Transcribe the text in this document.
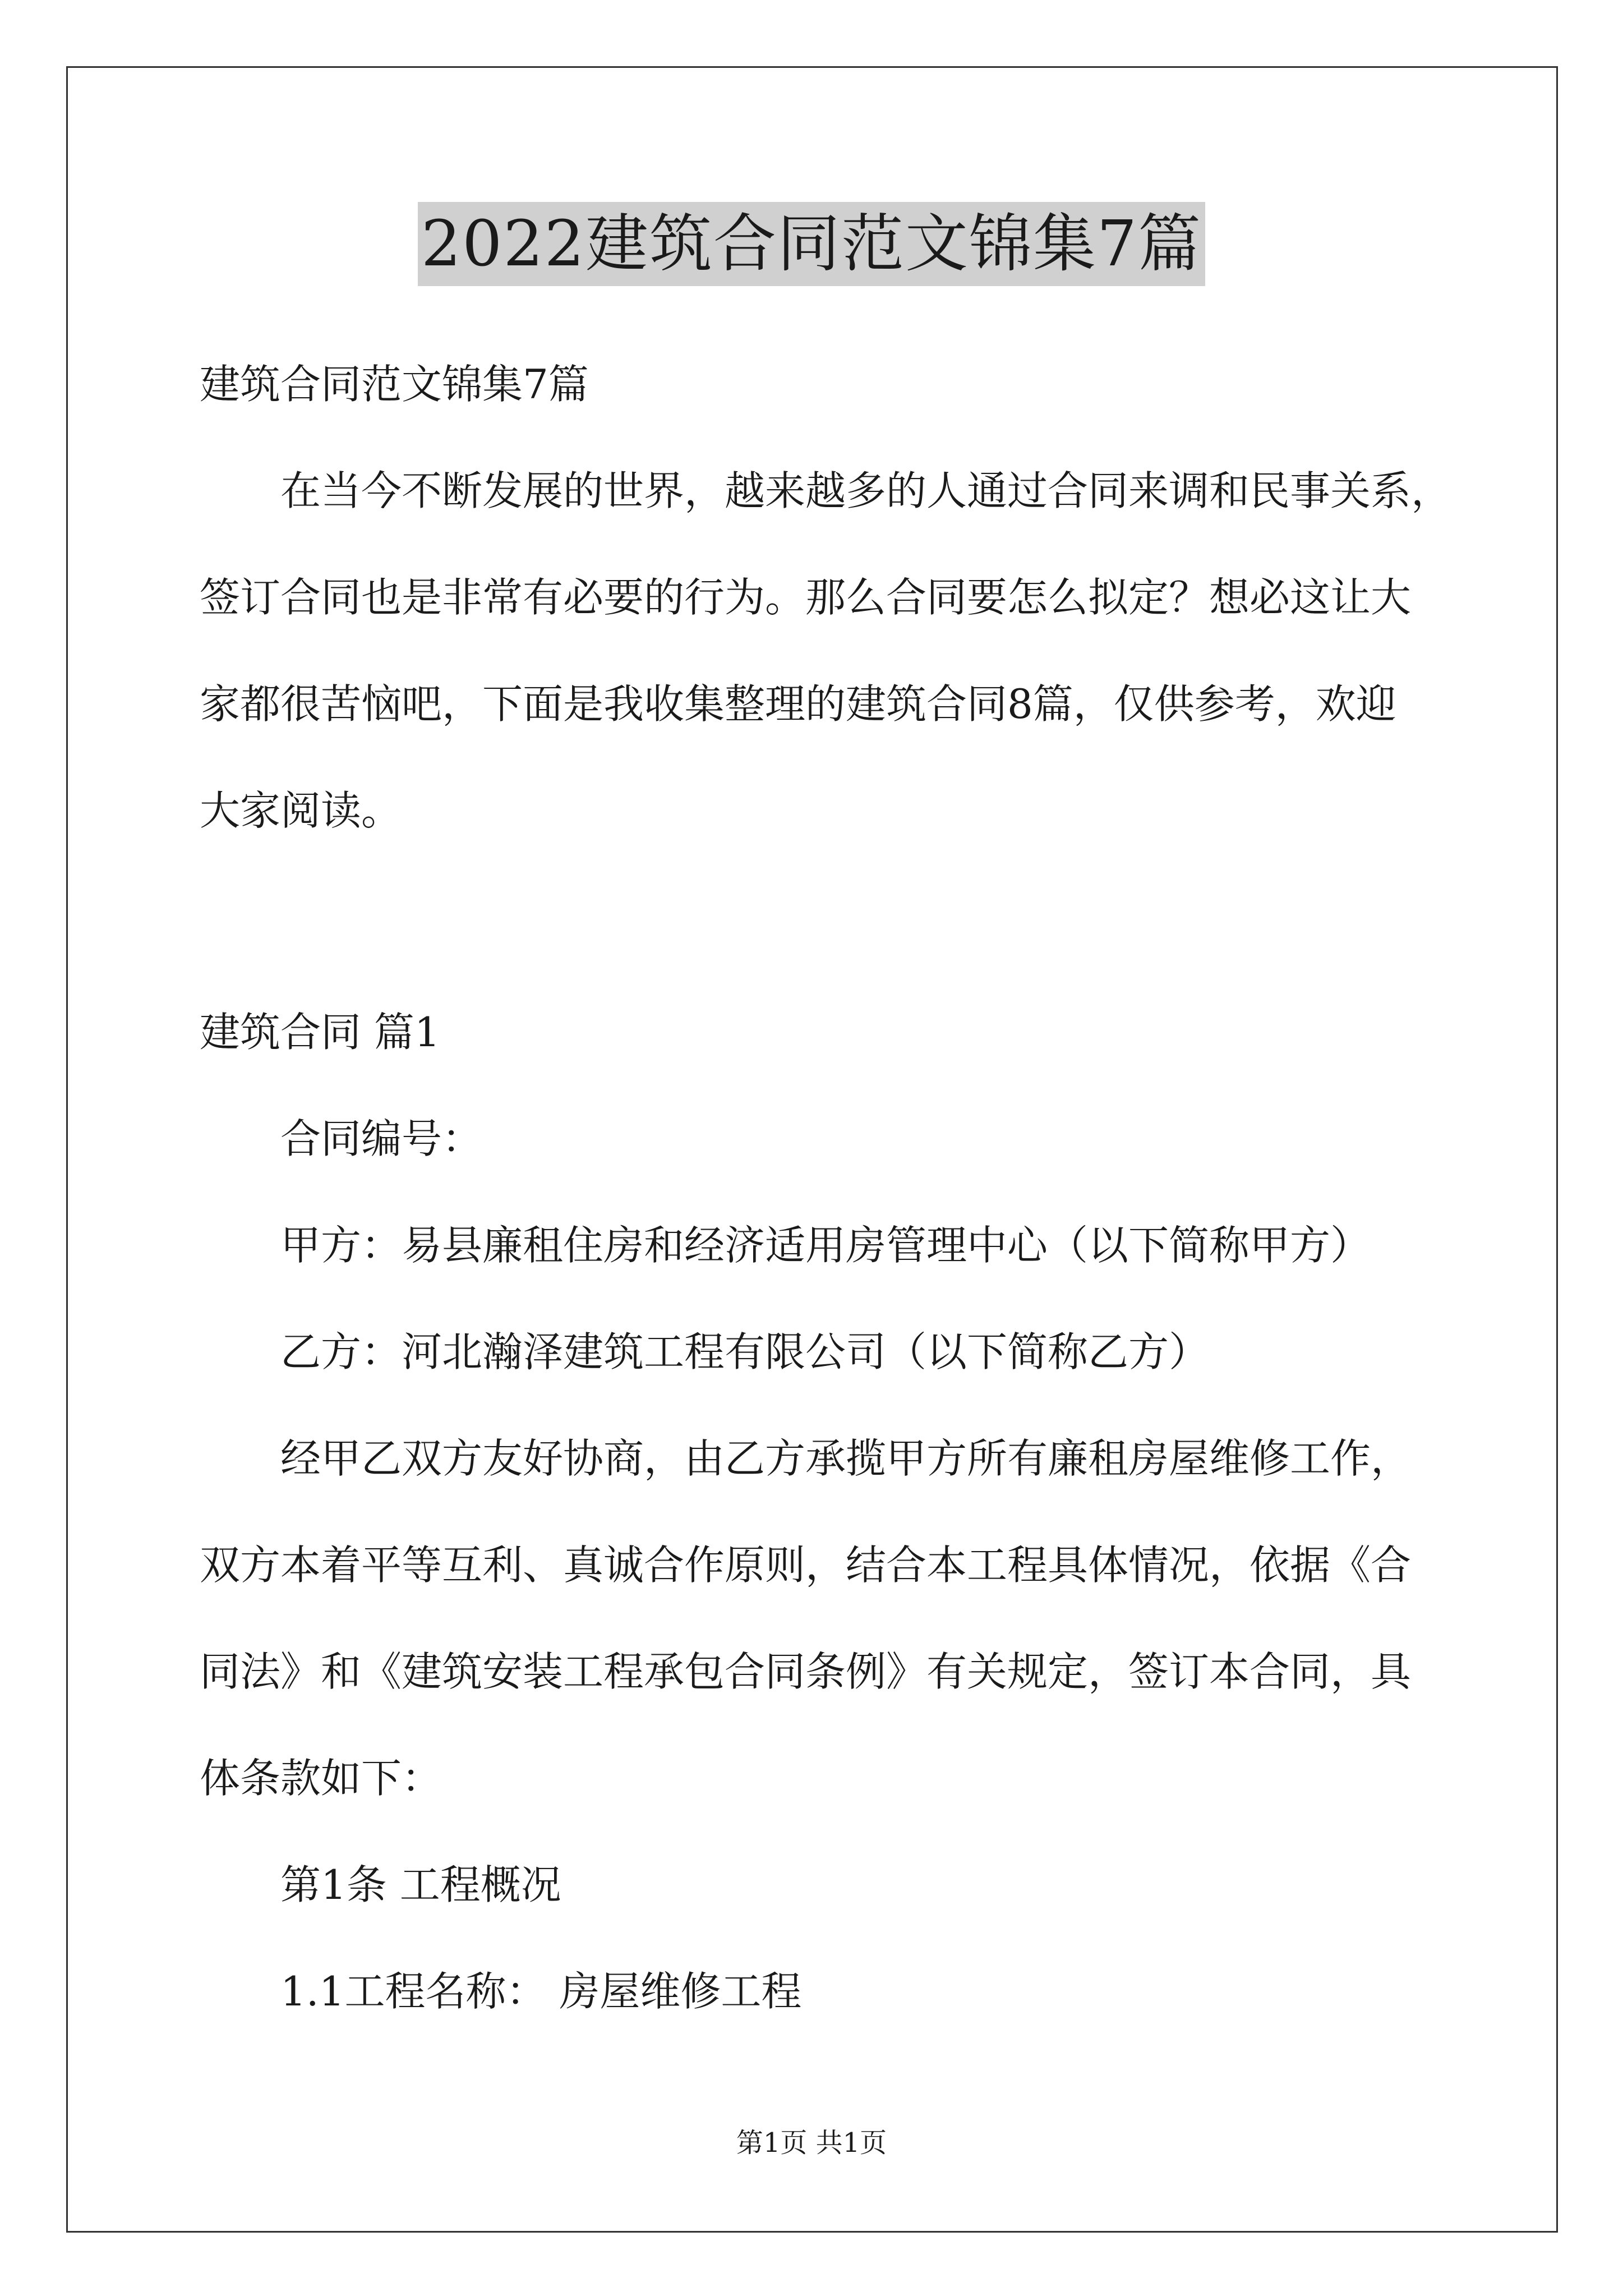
2022建筑合同范文锦集7篇

建筑合同范文锦集7篇

在当今不断发展的世界，越来越多的人通过合同来调和民事关系，
签订合同也是非常有必要的行为。那么合同要怎么拟定？想必这让大
家都很苦恼吧，下面是我收集整理的建筑合同8篇，仅供参考，欢迎
大家阅读。

建筑合同 篇1

合同编号：

甲方：易县廉租住房和经济适用房管理中心（以下简称甲方）

乙方：河北瀚泽建筑工程有限公司（以下简称乙方）

经甲乙双方友好协商，由乙方承揽甲方所有廉租房屋维修工作，
双方本着平等互利、真诚合作原则，结合本工程具体情况，依据《合
同法》和《建筑安装工程承包合同条例》有关规定，签订本合同，具
体条款如下：

第1条 工程概况

1.1工程名称： 房屋维修工程

第1页 共1页
